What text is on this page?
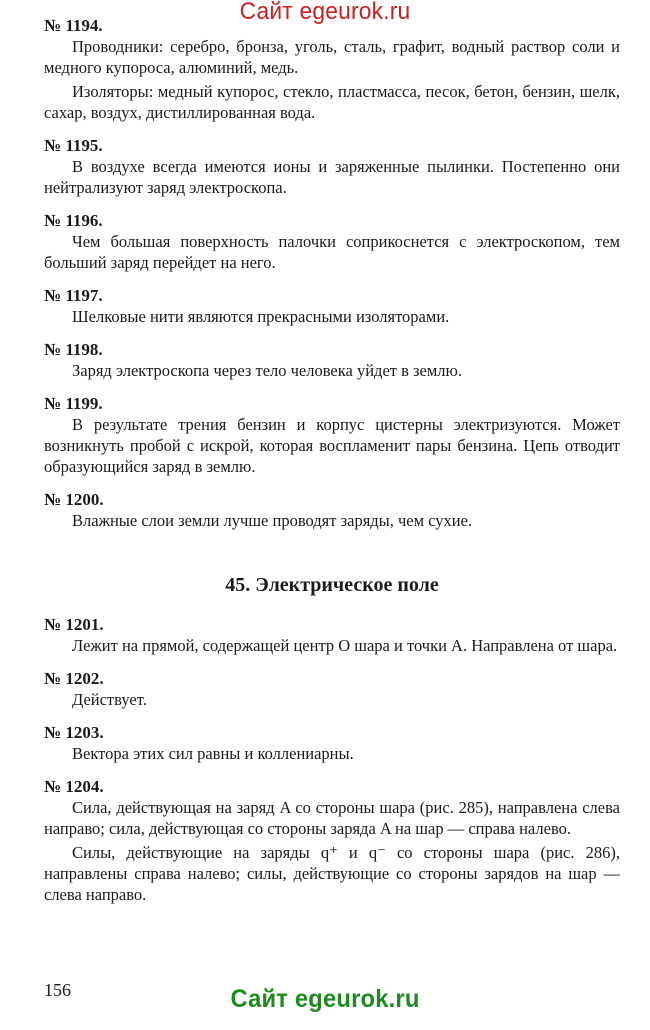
Сайт egeurok.ru

№ 1194.

Проводники: серебро, бронза, уголь, сталь, графит, водный раствор соли и медного купороса, алюминий, медь.

Изоляторы: медный купорос, стекло, пластмасса, песок, бетон, бензин, шелк, сахар, воздух, дистиллированная вода.

№ 1195.

В воздухе всегда имеются ионы и заряженные пылинки. Постепенно они нейтрализуют заряд электроскопа.

№ 1196.

Чем большая поверхность палочки соприкоснется с электроскопом, тем больший заряд перейдет на него.

№ 1197.

Шелковые нити являются прекрасными изоляторами.

№ 1198.

Заряд электроскопа через тело человека уйдет в землю.

№ 1199.

В результате трения бензин и корпус цистерны электризуются. Может возникнуть пробой с искрой, которая воспламенит пары бензина. Цепь отводит образующийся заряд в землю.

№ 1200.

Влажные слои земли лучше проводят заряды, чем сухие.

45. Электрическое поле

№ 1201.

Лежит на прямой, содержащей центр O шара и точки A. Направлена от шара.

№ 1202.

Действует.

№ 1203.

Вектора этих сил равны и коллениарны.

№ 1204.

Сила, действующая на заряд A со стороны шара (рис. 285), направлена слева направо; сила, действующая со стороны заряда A на шар — справа налево.

Силы, действующие на заряды q⁺ и q⁻ со стороны шара (рис. 286), направлены справа налево; силы, действующие со стороны зарядов на шар — слева направо.

156	Сайт egeurok.ru
